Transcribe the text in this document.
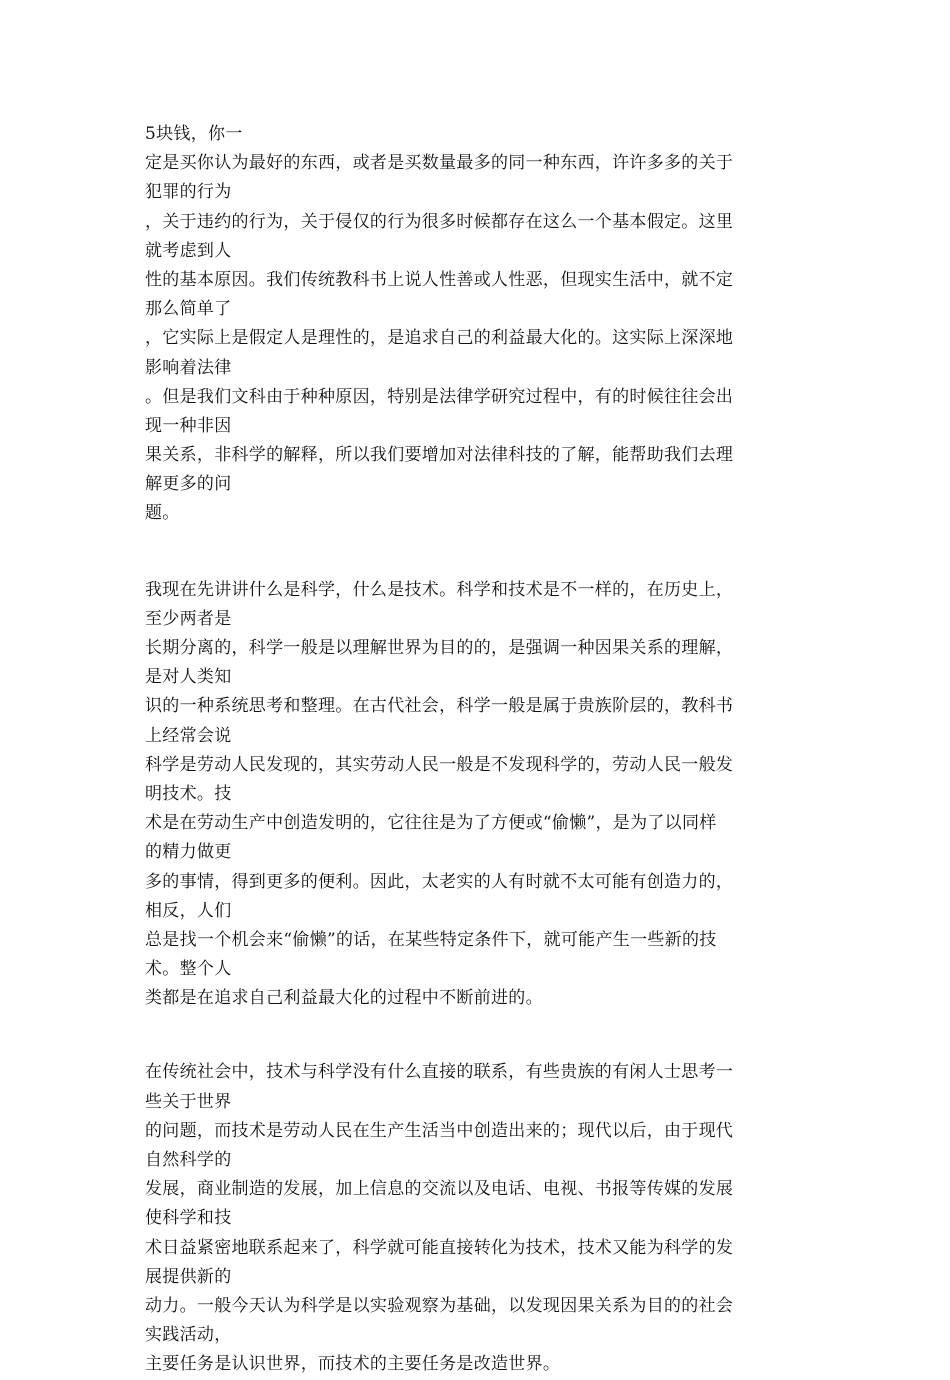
5块钱，你一
定是买你认为最好的东西，或者是买数量最多的同一种东西，许许多多的关于
犯罪的行为
，关于违约的行为，关于侵仅的行为很多时候都存在这么一个基本假定。这里
就考虑到人
性的基本原因。我们传统教科书上说人性善或人性恶，但现实生活中，就不定
那么简单了
，它实际上是假定人是理性的，是追求自己的利益最大化的。这实际上深深地
影响着法律
。但是我们文科由于种种原因，特别是法律学研究过程中，有的时候往往会出
现一种非因
果关系，非科学的解释，所以我们要增加对法律科技的了解，能帮助我们去理
解更多的问
题。
我现在先讲讲什么是科学，什么是技术。科学和技术是不一样的，在历史上，
至少两者是
长期分离的，科学一般是以理解世界为目的的，是强调一种因果关系的理解，
是对人类知
识的一种系统思考和整理。在古代社会，科学一般是属于贵族阶层的，教科书
上经常会说
科学是劳动人民发现的，其实劳动人民一般是不发现科学的，劳动人民一般发
明技术。技
术是在劳动生产中创造发明的，它往往是为了方便或“偷懒”，是为了以同样
的精力做更
多的事情，得到更多的便利。因此，太老实的人有时就不太可能有创造力的，
相反，人们
总是找一个机会来“偷懒”的话，在某些特定条件下，就可能产生一些新的技
术。整个人
类都是在追求自己利益最大化的过程中不断前进的。
在传统社会中，技术与科学没有什么直接的联系，有些贵族的有闲人士思考一
些关于世界
的问题，而技术是劳动人民在生产生活当中创造出来的；现代以后，由于现代
自然科学的
发展，商业制造的发展，加上信息的交流以及电话、电视、书报等传媒的发展
使科学和技
术日益紧密地联系起来了，科学就可能直接转化为技术，技术又能为科学的发
展提供新的
动力。一般今天认为科学是以实验观察为基础，以发现因果关系为目的的社会
实践活动，
主要任务是认识世界，而技术的主要任务是改造世界。
